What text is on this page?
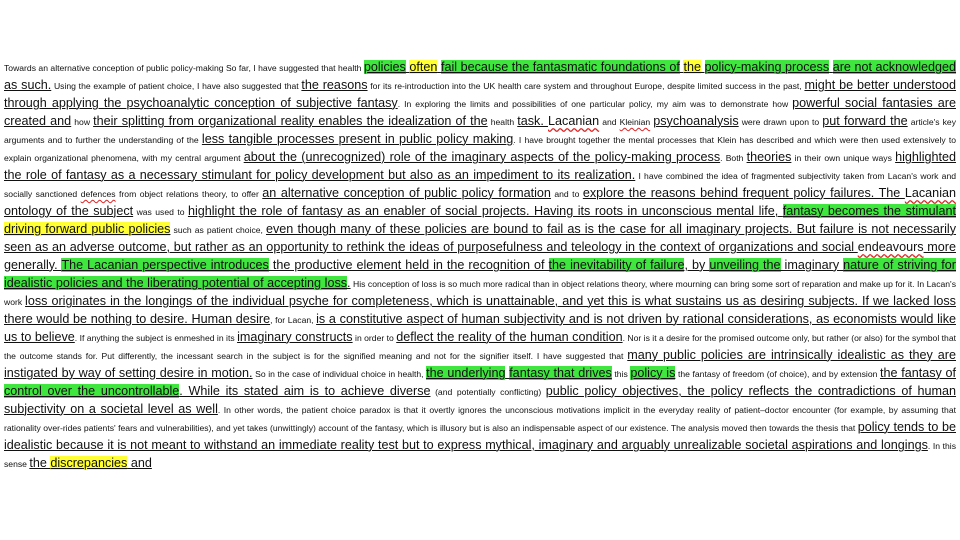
Towards an alternative conception of public policy-making So far, I have suggested that health policies often fail because the fantasmatic foundations of the policy-making process are not acknowledged as such. Using the example of patient choice, I have also suggested that the reasons for its re-introduction into the UK health care system and throughout Europe, despite limited success in the past, might be better understood through applying the psychoanalytic conception of subjective fantasy. In exploring the limits and possibilities of one particular policy, my aim was to demonstrate how powerful social fantasies are created and how their splitting from organizational reality enables the idealization of the health task. Lacanian and Kleinian psychoanalysis were drawn upon to put forward the article's key arguments and to further the understanding of the less tangible processes present in public policy making. I have brought together the mental processes that Klein has described and which were then used extensively to explain organizational phenomena, with my central argument about the (unrecognized) role of the imaginary aspects of the policy-making process. Both theories in their own unique ways highlighted the role of fantasy as a necessary stimulant for policy development but also as an impediment to its realization. I have combined the idea of fragmented subjectivity taken from Lacan's work and socially sanctioned defences from object relations theory, to offer an alternative conception of public policy formation and to explore the reasons behind frequent policy failures. The Lacanian ontology of the subject was used to highlight the role of fantasy as an enabler of social projects. Having its roots in unconscious mental life, fantasy becomes the stimulant driving forward public policies such as patient choice, even though many of these policies are bound to fail as is the case for all imaginary projects. But failure is not necessarily seen as an adverse outcome, but rather as an opportunity to rethink the ideas of purposefulness and teleology in the context of organizations and social endeavours more generally. The Lacanian perspective introduces the productive element held in the recognition of the inevitability of failure, by unveiling the imaginary nature of striving for idealistic policies and the liberating potential of accepting loss. His conception of loss is so much more radical than in object relations theory, where mourning can bring some sort of reparation and make up for it. In Lacan's work loss originates in the longings of the individual psyche for completeness, which is unattainable, and yet this is what sustains us as desiring subjects. If we lacked loss there would be nothing to desire. Human desire, for Lacan, is a constitutive aspect of human subjectivity and is not driven by rational considerations, as economists would like us to believe. If anything the subject is enmeshed in its imaginary constructs in order to deflect the reality of the human condition. Nor is it a desire for the promised outcome only, but rather (or also) for the symbol that the outcome stands for. Put differently, the incessant search in the subject is for the signified meaning and not for the signifier itself. I have suggested that many public policies are intrinsically idealistic as they are instigated by way of setting desire in motion. So in the case of individual choice in health, the underlying fantasy that drives this policy is the fantasy of freedom (of choice), and by extension the fantasy of control over the uncontrollable. While its stated aim is to achieve diverse (and potentially conflicting) public policy objectives, the policy reflects the contradictions of human subjectivity on a societal level as well. In other words, the patient choice paradox is that it overtly ignores the unconscious motivations implicit in the everyday reality of patient–doctor encounter (for example, by assuming that rationality over-rides patients' fears and vulnerabilities), and yet takes (unwittingly) account of the fantasy, which is illusory but is also an indispensable aspect of our existence. The analysis moved then towards the thesis that policy tends to be idealistic because it is not meant to withstand an immediate reality test but to express mythical, imaginary and arguably unrealizable societal aspirations and longings. In this sense the discrepancies and
